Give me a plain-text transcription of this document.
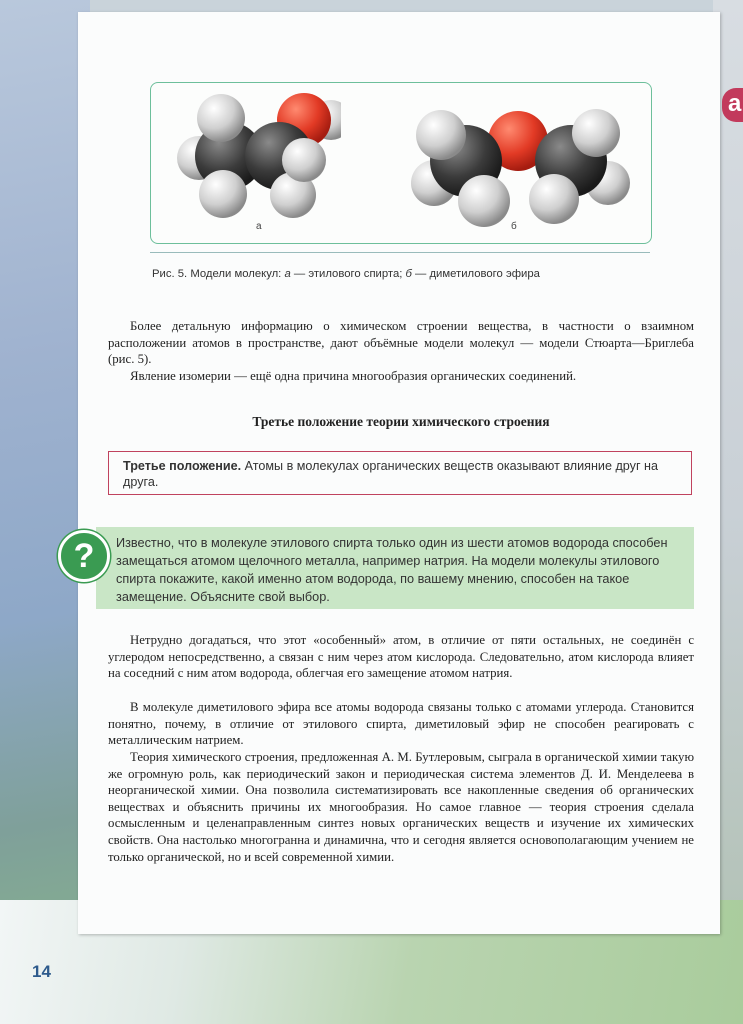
a
а	б
Рис. 5. Модели молекул: а — этилового спирта; б — диметилового эфира
Более детальную информацию о химическом строении вещества, в частности о взаимном расположении атомов в пространстве, дают объёмные модели молекул — модели Стюарта—Бриглеба (рис. 5).
Явление изомерии — ещё одна причина многообразия органических соединений.
Третье положение теории химического строения
Третье положение. Атомы в молекулах органических веществ оказывают влияние друг на друга.
Известно, что в молекуле этилового спирта только один из шести атомов водорода способен замещаться атомом щелочного металла, например натрия. На модели молекулы этилового спирта покажите, какой именно атом водорода, по вашему мнению, способен на такое замещение. Объясните свой выбор.
?
Нетрудно догадаться, что этот «особенный» атом, в отличие от пяти остальных, не соединён с углеродом непосредственно, а связан с ним через атом кислорода. Следовательно, атом кислорода влияет на соседний с ним атом водорода, облегчая его замещение атомом натрия.
В молекуле диметилового эфира все атомы водорода связаны только с атомами углерода. Становится понятно, почему, в отличие от этилового спирта, диметиловый эфир не способен реагировать с металлическим натрием.
Теория химического строения, предложенная А. М. Бутлеровым, сыграла в органической химии такую же огромную роль, как периодический закон и периодическая система элементов Д. И. Менделеева в неорганической химии. Она позволила систематизировать все накопленные сведения об органических веществах и объяснить причины их многообразия. Но самое главное — теория строения сделала осмысленным и целенаправленным синтез новых органических веществ и изучение их химических свойств. Она настолько многогранна и динамична, что и сегодня является основополагающим учением не только органической, но и всей современной химии.
14
